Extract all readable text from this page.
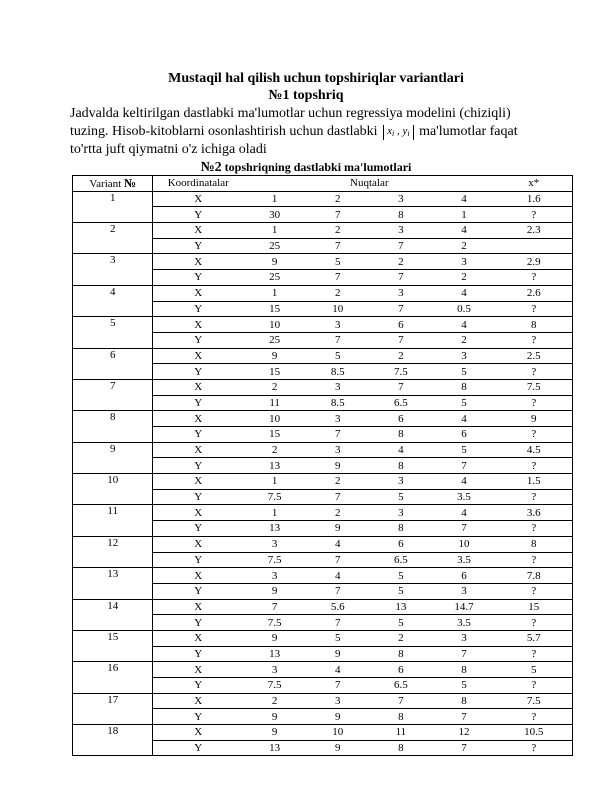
Mustaqil hal qilish uchun topshiriqlar variantlari
№1 topshriq
Jadvalda keltirilgan dastlabki ma'lumotlar uchun regressiya modelini (chiziqli)
tuzing. Hisob-kitoblarni osonlashtirish uchun dastlabki $x_i$ , $y_i$ ma'lumotlar faqat
to'rtta juft qiymatni o'z ichiga oladi
№2 topshriqning dastlabki ma'lumotlari
Variant №	Koordinatalar	Nuqtalar				x*
1	X	1	2	3	4	1.6
	Y	30	7	8	1	?
2	X	1	2	3	4	2.3
	Y	25	7	7	2	
3	X	9	5	2	3	2.9
	Y	25	7	7	2	?
4	X	1	2	3	4	2.6
	Y	15	10	7	0.5	?
5	X	10	3	6	4	8
	Y	25	7	7	2	?
6	X	9	5	2	3	2.5
	Y	15	8.5	7.5	5	?
7	X	2	3	7	8	7.5
	Y	11	8.5	6.5	5	?
8	X	10	3	6	4	9
	Y	15	7	8	6	?
9	X	2	3	4	5	4.5
	Y	13	9	8	7	?
10	X	1	2	3	4	1.5
	Y	7.5	7	5	3.5	?
11	X	1	2	3	4	3.6
	Y	13	9	8	7	?
12	X	3	4	6	10	8
	Y	7.5	7	6.5	3.5	?
13	X	3	4	5	6	7.8
	Y	9	7	5	3	?
14	X	7	5.6	13	14.7	15
	Y	7.5	7	5	3.5	?
15	X	9	5	2	3	5.7
	Y	13	9	8	7	?
16	X	3	4	6	8	5
	Y	7.5	7	6.5	5	?
17	X	2	3	7	8	7.5
	Y	9	9	8	7	?
18	X	9	10	11	12	10.5
	Y	13	9	8	7	?
